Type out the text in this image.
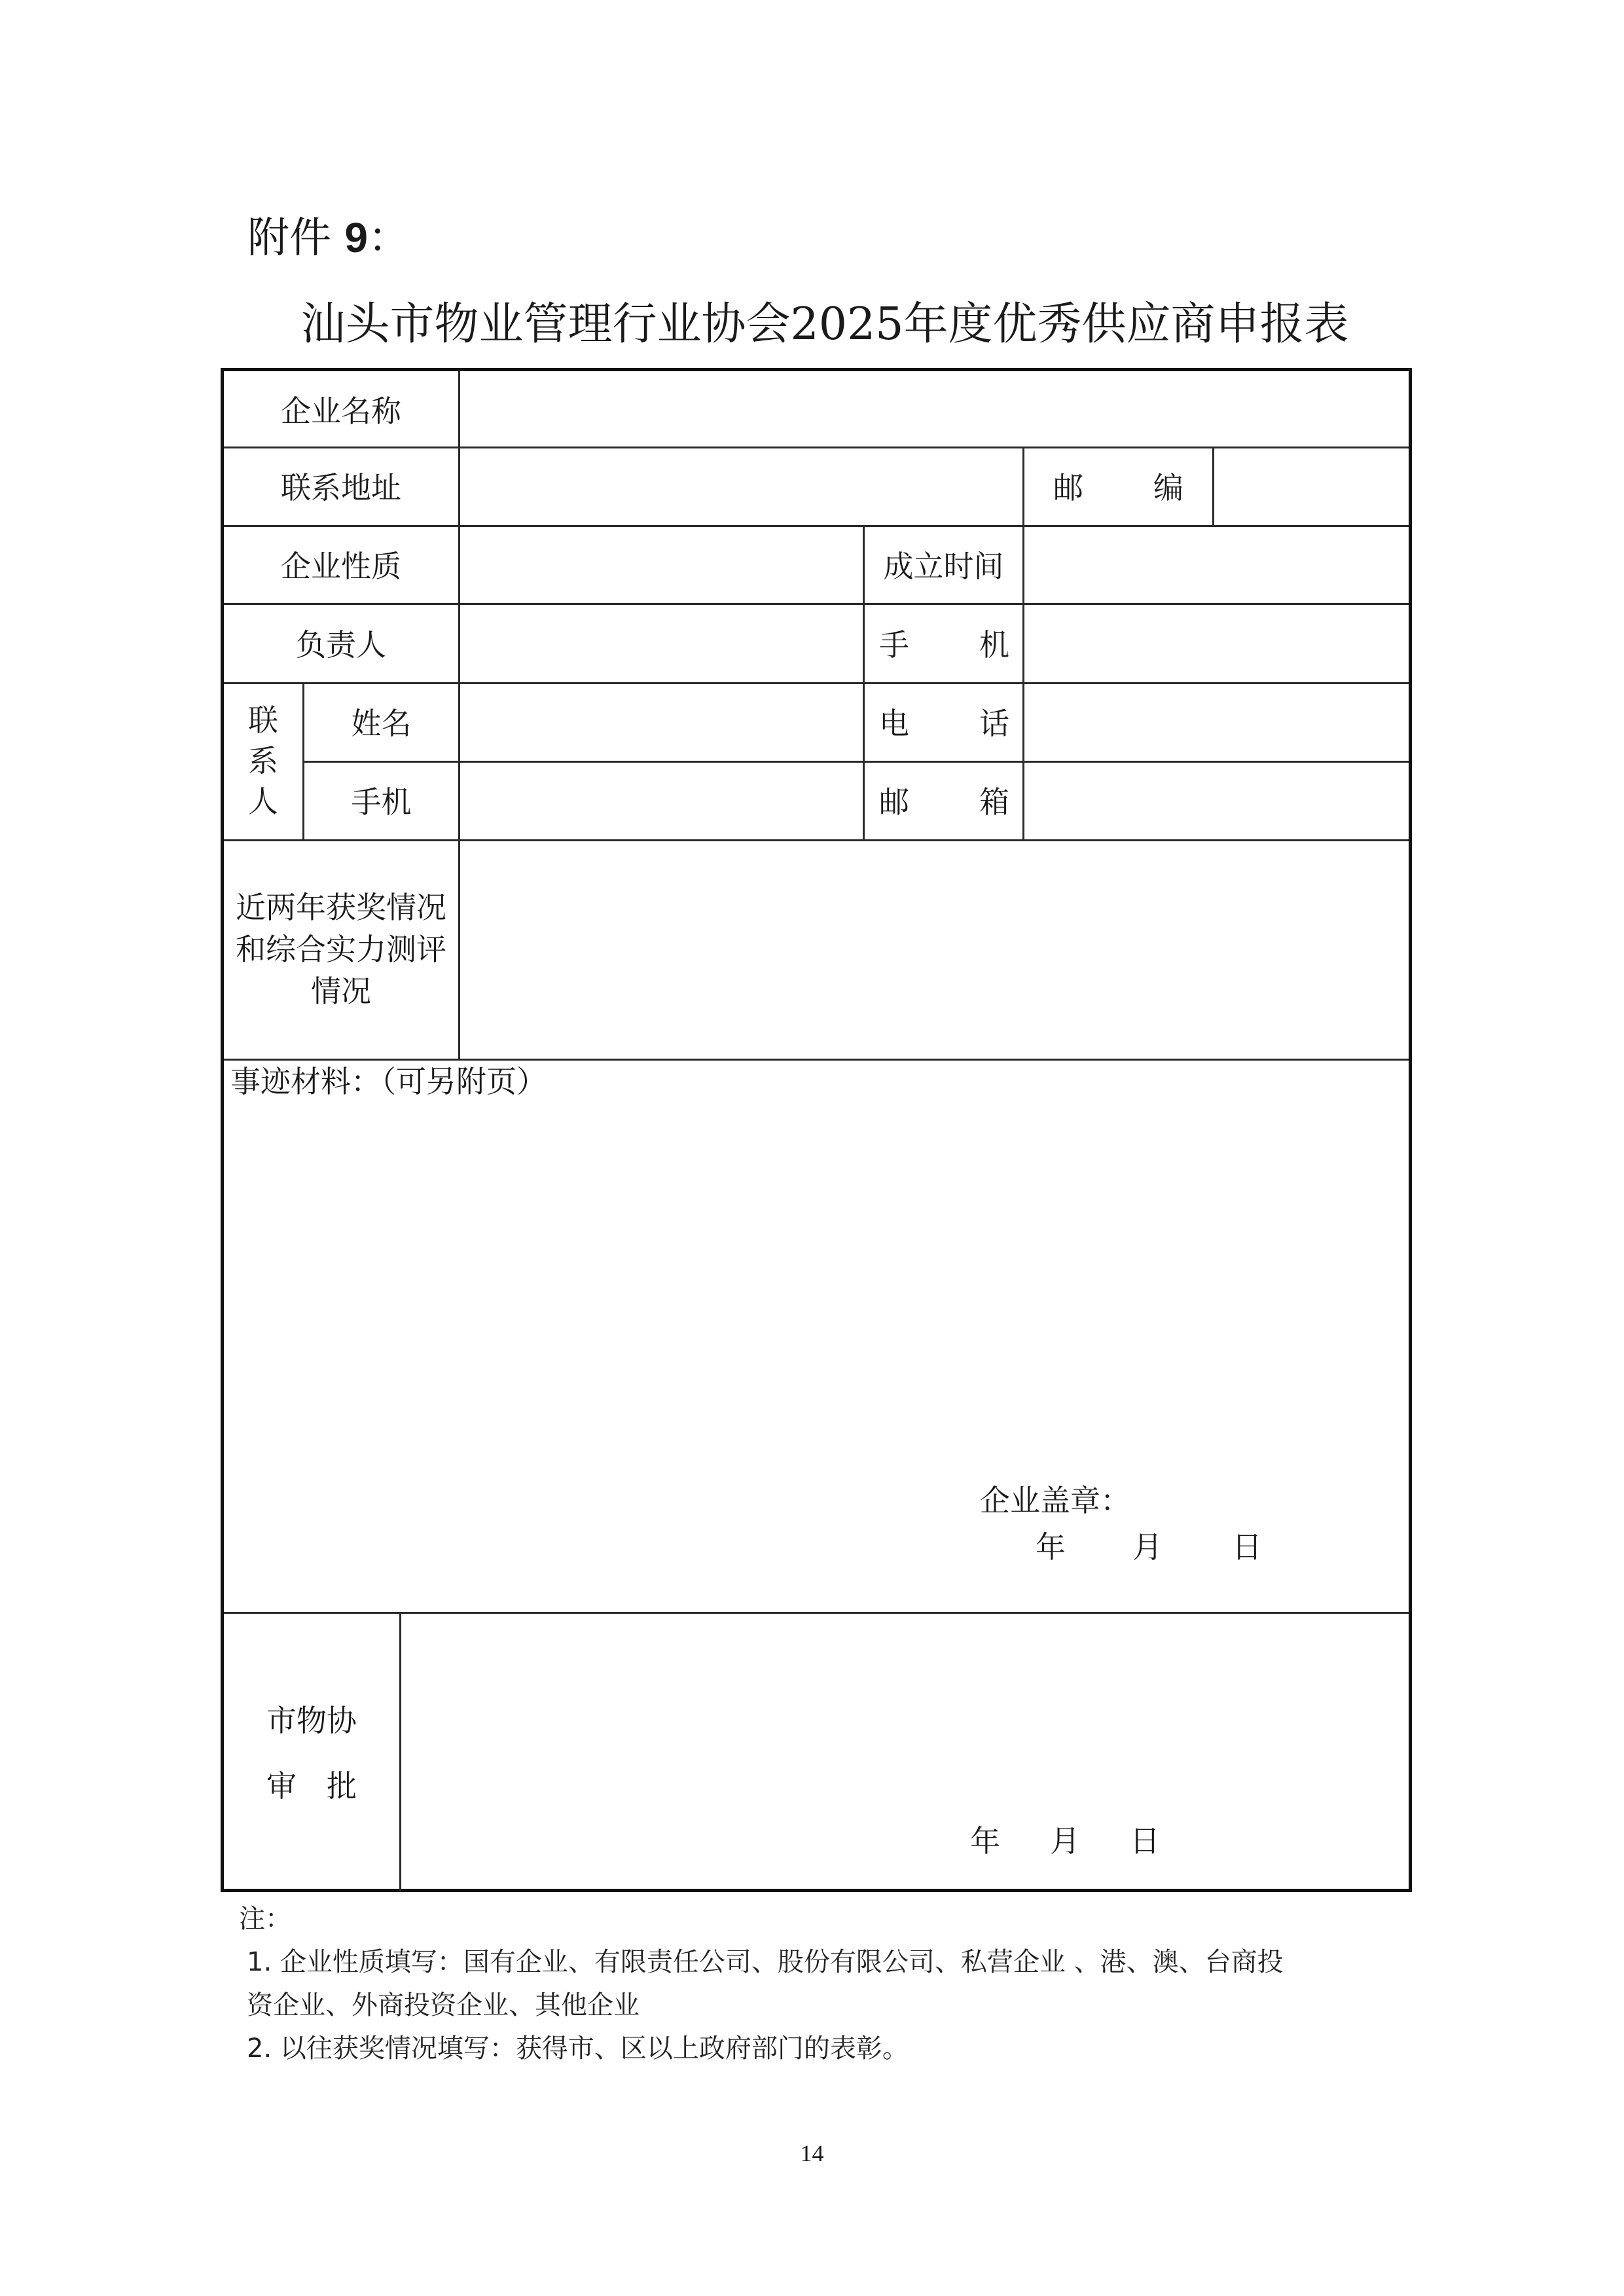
附件 9：
汕头市物业管理行业协会2025年度优秀供应商申报表
企业名称
联系地址	邮 编
企业性质	成立时间
负责人	手 机
联
系
人
姓名	电 话
手机	邮 箱
近两年获奖情况
和综合实力测评
情况
事迹材料：（可另附页）
企业盖章：
年 月 日
市物协
审　批
年 月 日
注：
1. 企业性质填写：国有企业、有限责任公司、股份有限公司、私营企业 、港、澳、台商投
资企业、外商投资企业、其他企业
2. 以往获奖情况填写：获得市、区以上政府部门的表彰。
14
